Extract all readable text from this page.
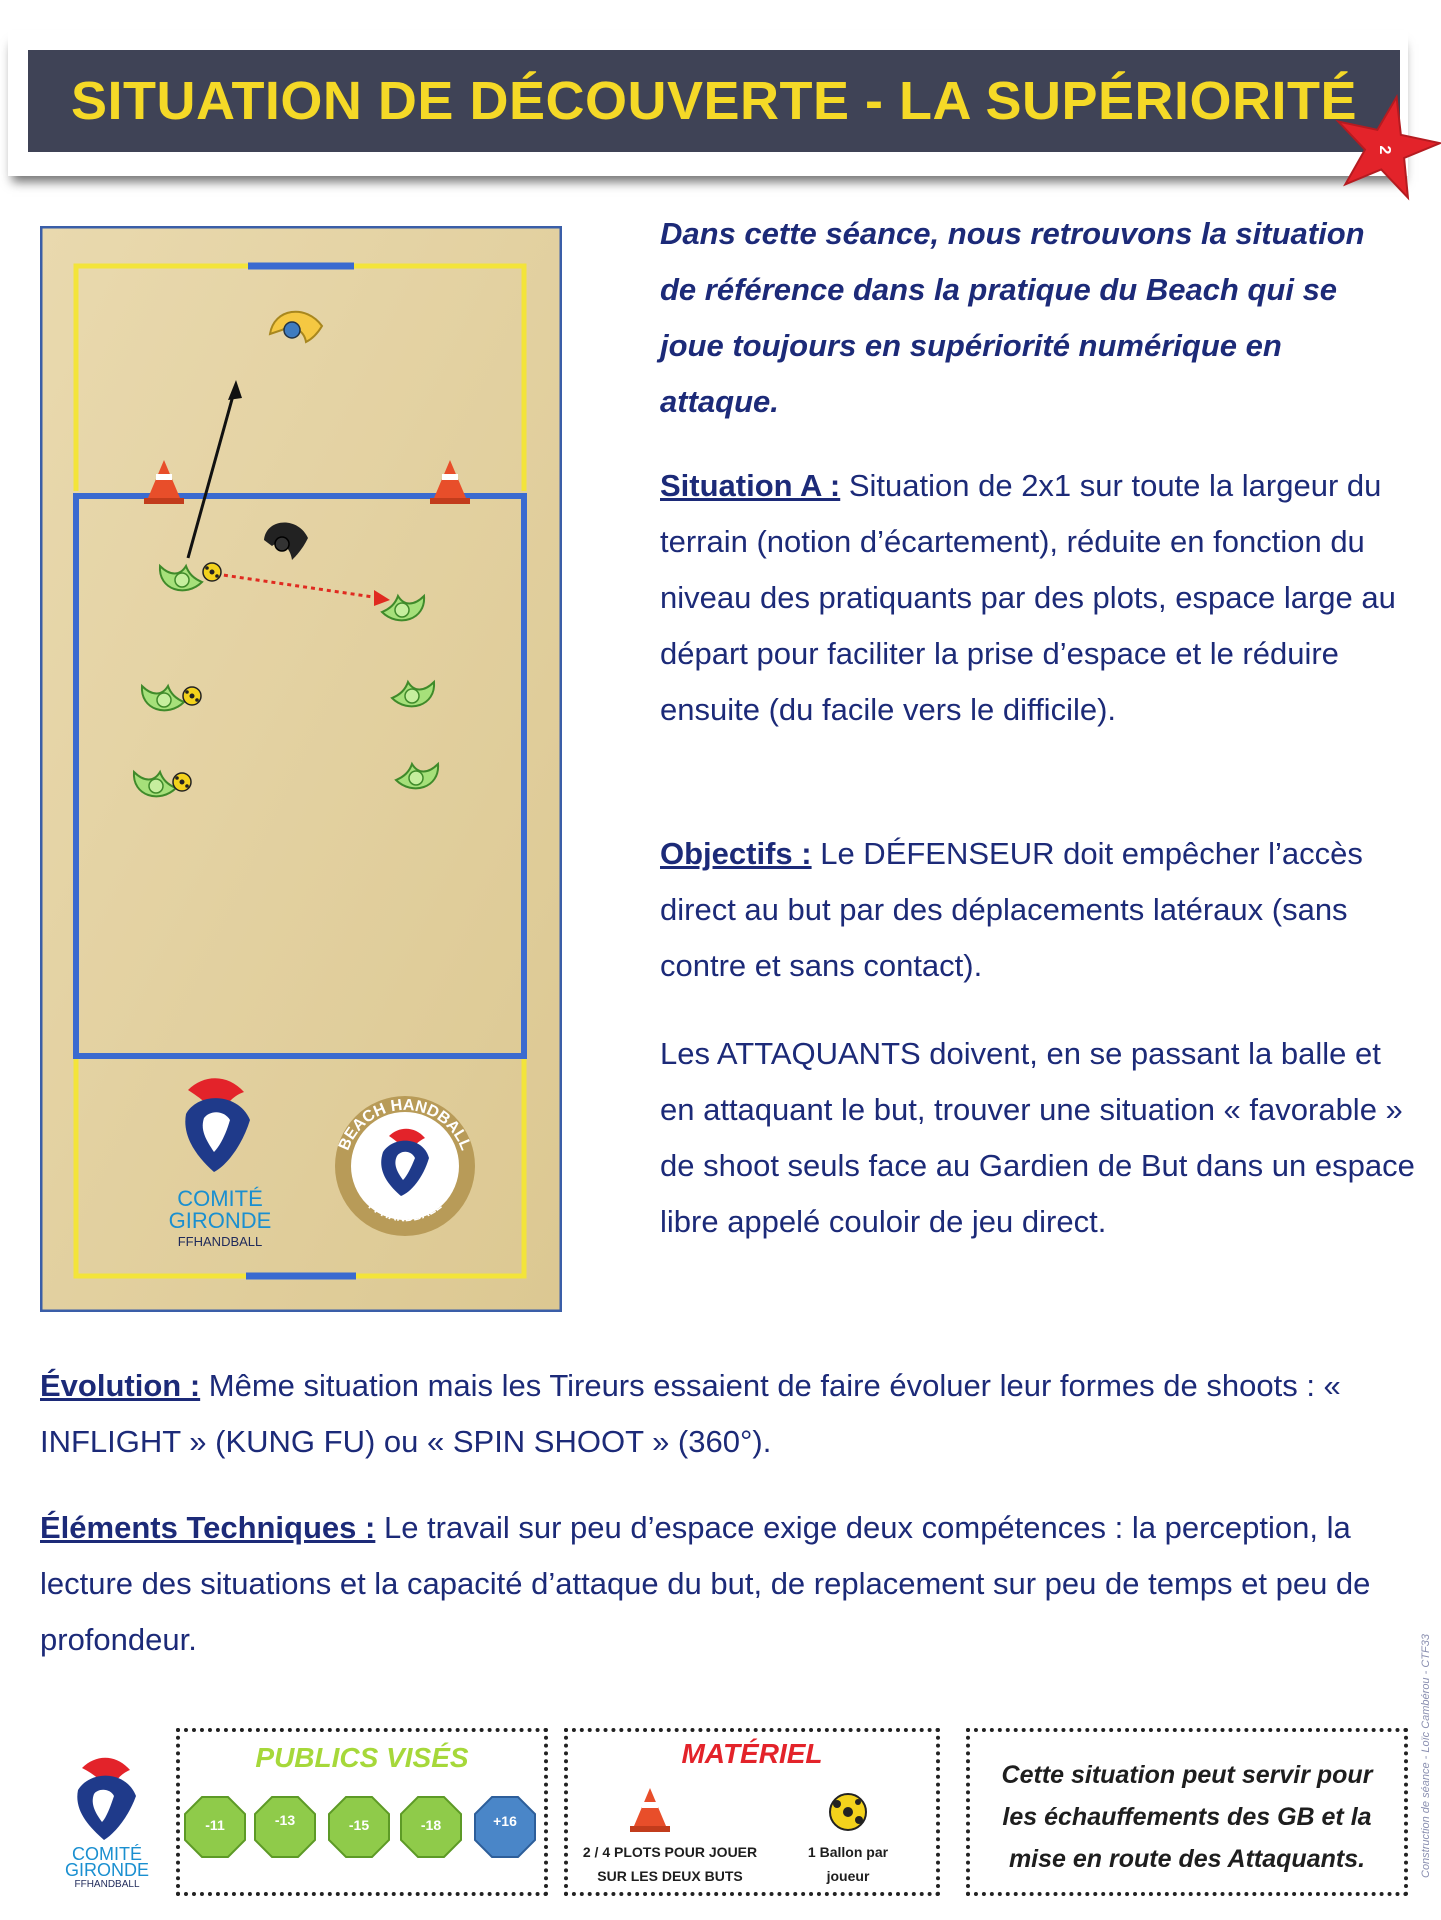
SITUATION DE DÉCOUVERTE - LA SUPÉRIORITÉ
2
COMITÉ
GIRONDE
FFHANDBALL
BEACH HANDBALL
FFHANDBALL

Dans cette séance, nous retrouvons la situation de référence dans la pratique du Beach qui se joue toujours en supériorité numérique en attaque.

Situation A : Situation de 2x1 sur toute la largeur du terrain (notion d’écartement), réduite en fonction du niveau des pratiquants par des plots, espace large au départ pour faciliter la prise d’espace et le réduire ensuite (du facile vers le difficile).

Objectifs : Le DÉFENSEUR doit empêcher l’accès direct au but par des déplacements latéraux (sans contre et sans contact).

Les ATTAQUANTS doivent, en se passant la balle et en attaquant le but, trouver une situation « favorable » de shoot seuls face au Gardien de But dans un espace libre appelé couloir de jeu direct.

Évolution : Même situation mais les Tireurs essaient de faire évoluer leur formes de shoots : « INFLIGHT » (KUNG FU) ou « SPIN SHOOT » (360°).

Éléments Techniques : Le travail sur peu d’espace exige deux compétences : la perception, la lecture des situations et la capacité d’attaque du but, de replacement sur peu de temps et peu de profondeur.

COMITÉ
GIRONDE
FFHANDBALL
PUBLICS VISÉS
-11	-13	-15	-18	+16
MATÉRIEL
2 / 4 PLOTS POUR JOUER
SUR LES DEUX BUTS
1 Ballon par
joueur
Cette situation peut servir pour
les échauffements des GB et la
mise en route des Attaquants.	Construction de séance - Loïc Cambérou - CTF33
